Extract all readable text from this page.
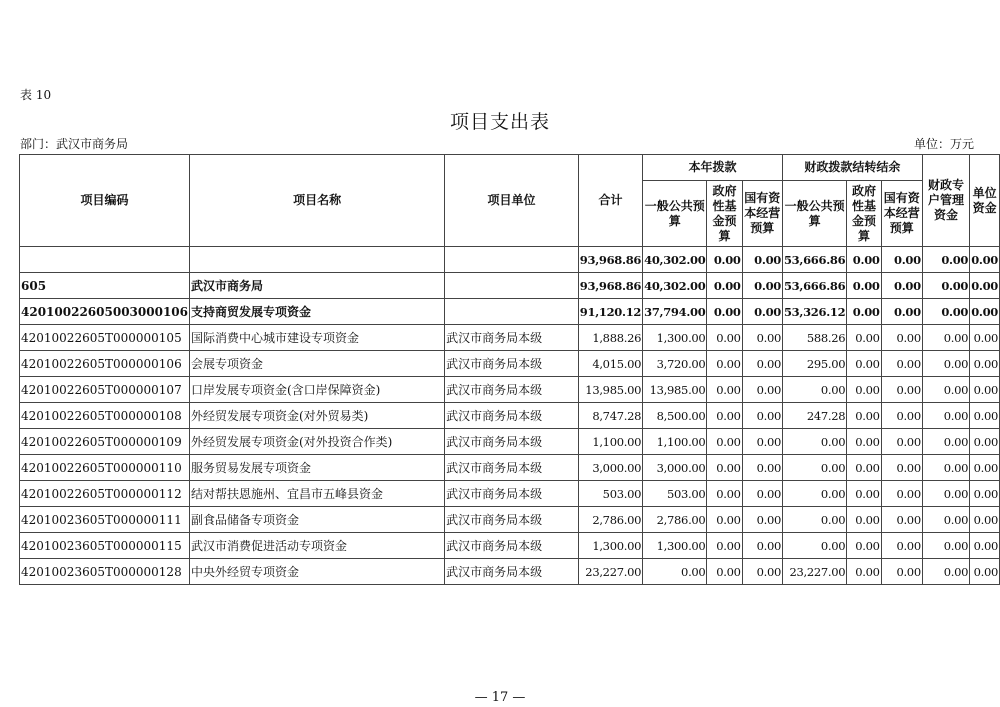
表 10
项目支出表
部门：武汉市商务局	单位：万元
项目编码	项目名称	项目单位	合计	本年拨款			财政拨款结转结余			财政专户管理资金	单位资金
				一般公共预算	政府性基金预算	国有资本经营预算	一般公共预算	政府性基金预算	国有资本经营预算		
			93,968.86	40,302.00	0.00	0.00	53,666.86	0.00	0.00	0.00	0.00
605	武汉市商务局		93,968.86	40,302.00	0.00	0.00	53,666.86	0.00	0.00	0.00	0.00
42010022605003000106	支持商贸发展专项资金		91,120.12	37,794.00	0.00	0.00	53,326.12	0.00	0.00	0.00	0.00
42010022605T000000105	国际消费中心城市建设专项资金	武汉市商务局本级	1,888.26	1,300.00	0.00	0.00	588.26	0.00	0.00	0.00	0.00
42010022605T000000106	会展专项资金	武汉市商务局本级	4,015.00	3,720.00	0.00	0.00	295.00	0.00	0.00	0.00	0.00
42010022605T000000107	口岸发展专项资金(含口岸保障资金)	武汉市商务局本级	13,985.00	13,985.00	0.00	0.00	0.00	0.00	0.00	0.00	0.00
42010022605T000000108	外经贸发展专项资金(对外贸易类)	武汉市商务局本级	8,747.28	8,500.00	0.00	0.00	247.28	0.00	0.00	0.00	0.00
42010022605T000000109	外经贸发展专项资金(对外投资合作类)	武汉市商务局本级	1,100.00	1,100.00	0.00	0.00	0.00	0.00	0.00	0.00	0.00
42010022605T000000110	服务贸易发展专项资金	武汉市商务局本级	3,000.00	3,000.00	0.00	0.00	0.00	0.00	0.00	0.00	0.00
42010022605T000000112	结对帮扶恩施州、宜昌市五峰县资金	武汉市商务局本级	503.00	503.00	0.00	0.00	0.00	0.00	0.00	0.00	0.00
42010023605T000000111	副食品储备专项资金	武汉市商务局本级	2,786.00	2,786.00	0.00	0.00	0.00	0.00	0.00	0.00	0.00
42010023605T000000115	武汉市消费促进活动专项资金	武汉市商务局本级	1,300.00	1,300.00	0.00	0.00	0.00	0.00	0.00	0.00	0.00
42010023605T000000128	中央外经贸专项资金	武汉市商务局本级	23,227.00	0.00	0.00	0.00	23,227.00	0.00	0.00	0.00	0.00
— 17 —
